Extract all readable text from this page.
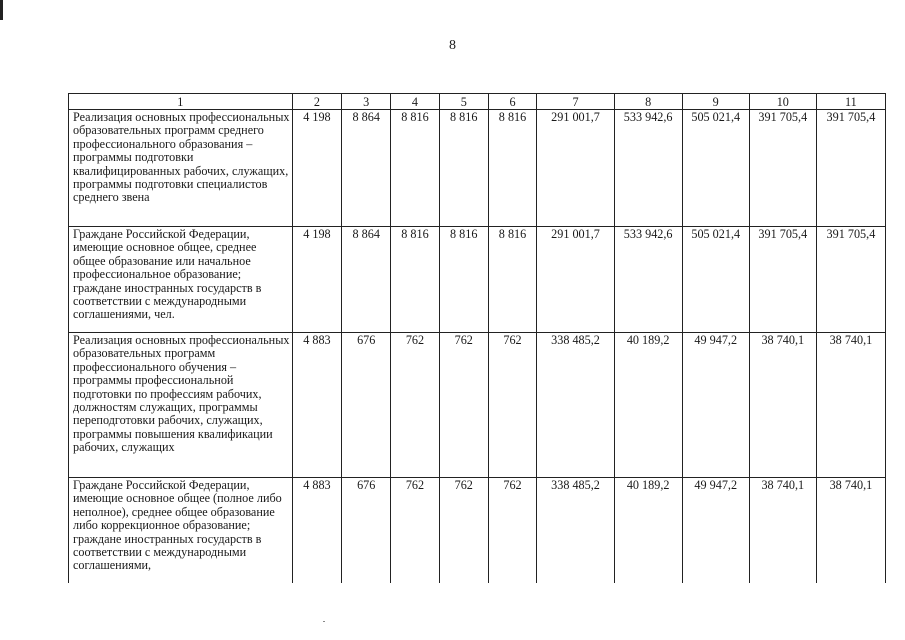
8
1	2	3	4	5	6	7	8	9	10	11
Реализация основных профессиональных образовательных программ среднего профессионального образования – программы подготовки квалифицированных рабочих, служащих, программы подготовки специалистов среднего звена	4 198	8 864	8 816	8 816	8 816	291 001,7	533 942,6	505 021,4	391 705,4	391 705,4
Граждане Российской Федерации, имеющие основное общее, среднее общее образование или начальное профессиональное образование; граждане иностранных государств в соответствии с международными соглашениями, чел.	4 198	8 864	8 816	8 816	8 816	291 001,7	533 942,6	505 021,4	391 705,4	391 705,4
Реализация основных профессиональных образовательных программ профессионального обучения – программы профессиональной подготовки по профессиям рабочих, должностям служащих, программы переподготовки рабочих, служащих, программы повышения квалификации рабочих, служащих	4 883	676	762	762	762	338 485,2	40 189,2	49 947,2	38 740,1	38 740,1
Граждане Российской Федерации, имеющие основное общее (полное либо неполное), среднее общее образование либо коррекционное образование; граждане иностранных государств в соответствии с международными соглашениями,	4 883	676	762	762	762	338 485,2	40 189,2	49 947,2	38 740,1	38 740,1
